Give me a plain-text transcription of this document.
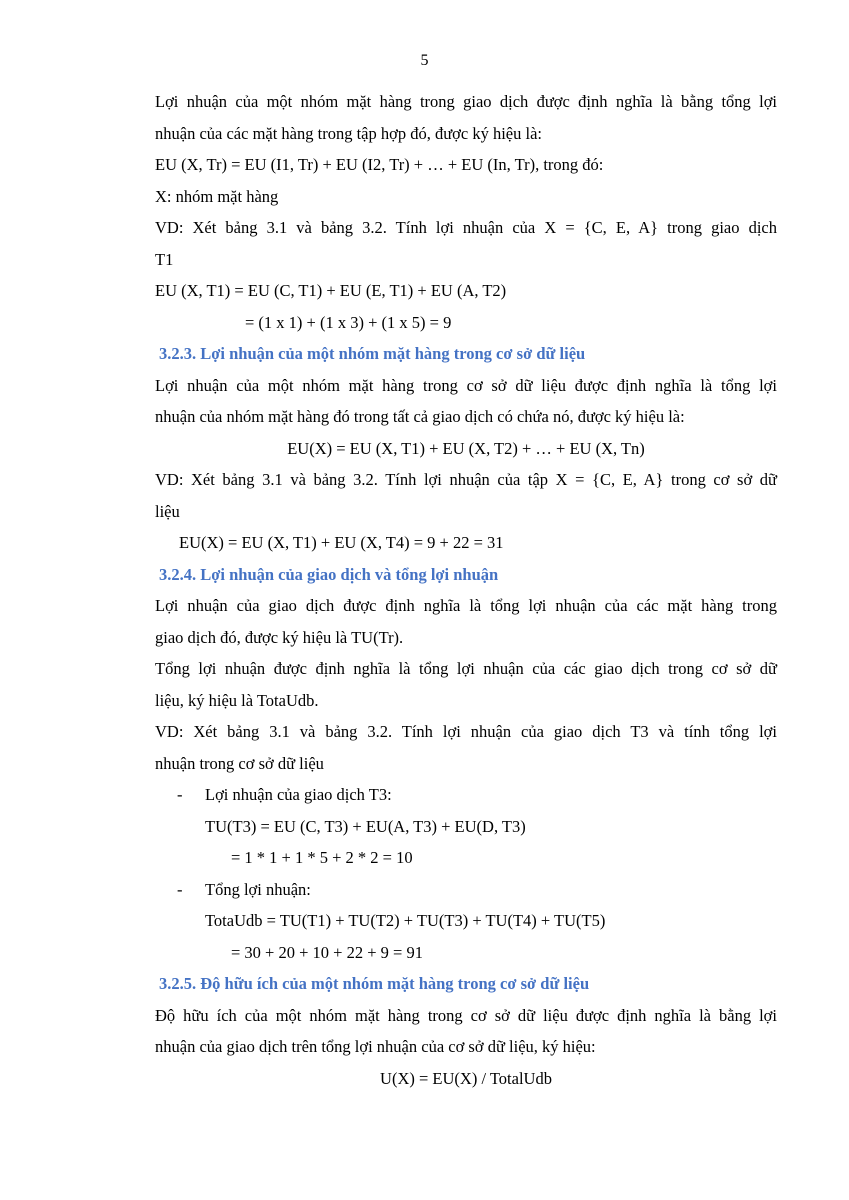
5

Lợi nhuận của một nhóm mặt hàng trong giao dịch được định nghĩa là bằng tổng lợi

nhuận của các mặt hàng trong tập hợp đó, được ký hiệu là:

EU (X, Tr) = EU (I1, Tr) + EU (I2, Tr) + … + EU (In, Tr), trong đó:

X: nhóm mặt hàng

VD: Xét bảng 3.1 và bảng 3.2. Tính lợi nhuận của X = {C, E, A} trong giao dịch

T1

EU (X, T1) = EU (C, T1) + EU (E, T1) + EU (A, T2)

= (1 x 1) + (1 x 3) + (1 x 5) = 9

3.2.3. Lợi nhuận của một nhóm mặt hàng trong cơ sở dữ liệu

Lợi nhuận của một nhóm mặt hàng trong cơ sở dữ liệu được định nghĩa là tổng lợi

nhuận của nhóm mặt hàng đó trong tất cả giao dịch có chứa nó, được ký hiệu là:

EU(X) = EU (X, T1) + EU (X, T2) + … + EU (X, Tn)

VD: Xét bảng 3.1 và bảng 3.2. Tính lợi nhuận của tập X = {C, E, A} trong cơ sở dữ

liệu

EU(X) = EU (X, T1) + EU (X, T4) = 9 + 22 = 31

3.2.4. Lợi nhuận của giao dịch và tổng lợi nhuận

Lợi nhuận của giao dịch được định nghĩa là tổng lợi nhuận của các mặt hàng trong

giao dịch đó, được ký hiệu là TU(Tr).

Tổng lợi nhuận được định nghĩa là tổng lợi nhuận của các giao dịch trong cơ sở dữ

liệu, ký hiệu là TotaUdb.

VD: Xét bảng 3.1 và bảng 3.2. Tính lợi nhuận của giao dịch T3 và tính tổng lợi

nhuận trong cơ sở dữ liệu

-	Lợi nhuận của giao dịch T3:

TU(T3) = EU (C, T3) + EU(A, T3) + EU(D, T3)

= 1 * 1 + 1 * 5 + 2 * 2 = 10

-	Tổng lợi nhuận:

TotaUdb = TU(T1) + TU(T2) + TU(T3) + TU(T4) + TU(T5)

= 30 + 20 + 10 + 22 + 9 = 91

3.2.5. Độ hữu ích của một nhóm mặt hàng trong cơ sở dữ liệu

Độ hữu ích của một nhóm mặt hàng trong cơ sở dữ liệu được định nghĩa là bằng lợi

nhuận của giao dịch trên tổng lợi nhuận của cơ sở dữ liệu, ký hiệu:

U(X) = EU(X) / TotalUdb
